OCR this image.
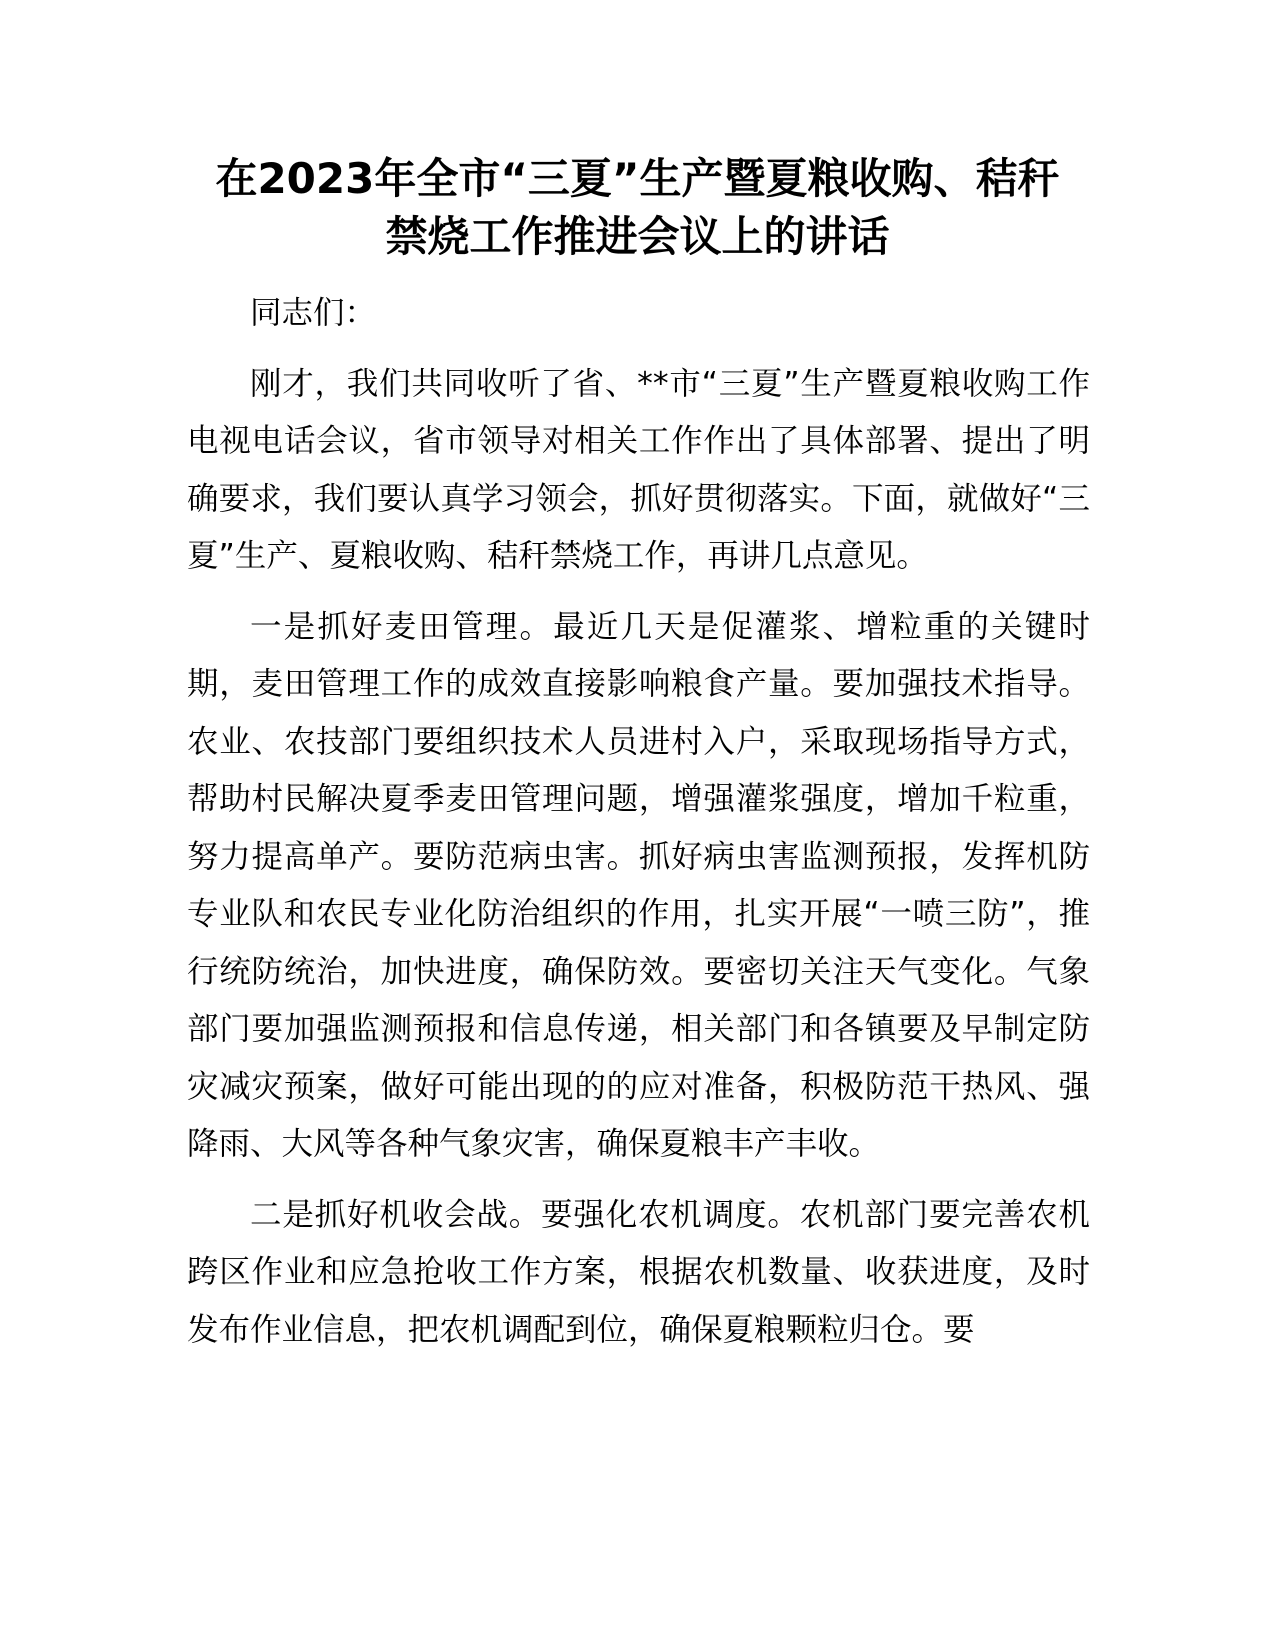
在2023年全市“三夏”生产暨夏粮收购、秸秆
禁烧工作推进会议上的讲话

同志们：

刚才，我们共同收听了省、**市“三夏”生产暨夏粮收购工作电视电话会议，省市领导对相关工作作出了具体部署、提出了明确要求，我们要认真学习领会，抓好贯彻落实。下面，就做好“三夏”生产、夏粮收购、秸秆禁烧工作，再讲几点意见。

一是抓好麦田管理。最近几天是促灌浆、增粒重的关键时期，麦田管理工作的成效直接影响粮食产量。要加强技术指导。农业、农技部门要组织技术人员进村入户，采取现场指导方式，帮助村民解决夏季麦田管理问题，增强灌浆强度，增加千粒重，努力提高单产。要防范病虫害。抓好病虫害监测预报，发挥机防专业队和农民专业化防治组织的作用，扎实开展“一喷三防”，推行统防统治，加快进度，确保防效。要密切关注天气变化。气象部门要加强监测预报和信息传递，相关部门和各镇要及早制定防灾减灾预案，做好可能出现的的应对准备，积极防范干热风、强降雨、大风等各种气象灾害，确保夏粮丰产丰收。

二是抓好机收会战。要强化农机调度。农机部门要完善农机跨区作业和应急抢收工作方案，根据农机数量、收获进度，及时发布作业信息，把农机调配到位，确保夏粮颗粒归仓。要
